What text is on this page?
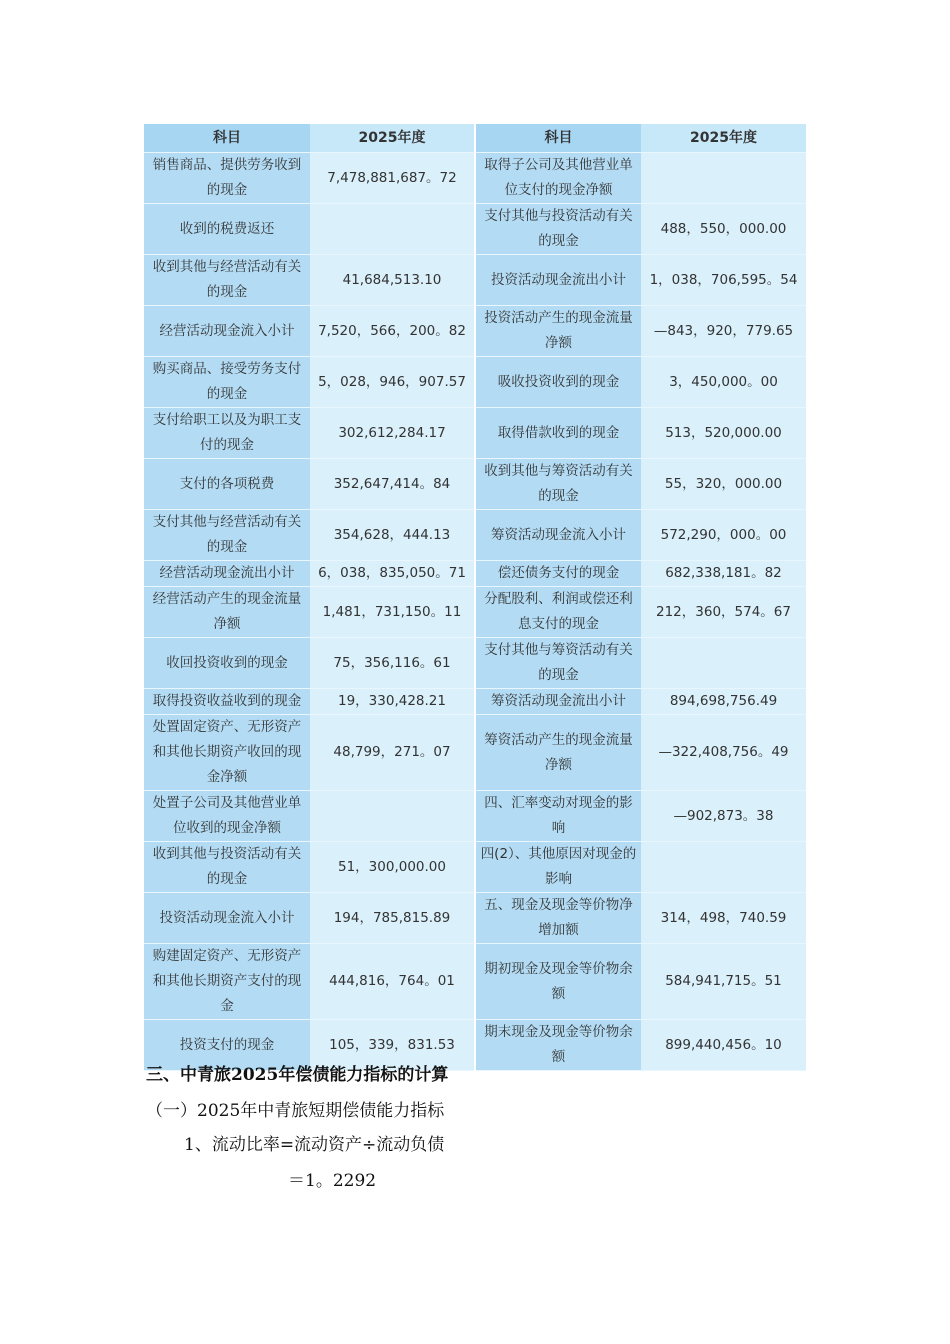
科目	2025年度	科目	2025年度
销售商品、提供劳务收到的现金	7,478,881,687。72	取得子公司及其他营业单位支付的现金净额	
收到的税费返还		支付其他与投资活动有关的现金	488，550，000.00
收到其他与经营活动有关的现金	41,684,513.10	投资活动现金流出小计	1，038，706,595。54
经营活动现金流入小计	7,520，566，200。82	投资活动产生的现金流量净额	—843，920，779.65
购买商品、接受劳务支付的现金	5，028，946，907.57	吸收投资收到的现金	3，450,000。00
支付给职工以及为职工支付的现金	302,612,284.17	取得借款收到的现金	513，520,000.00
支付的各项税费	352,647,414。84	收到其他与筹资活动有关的现金	55，320，000.00
支付其他与经营活动有关的现金	354,628，444.13	筹资活动现金流入小计	572,290，000。00
经营活动现金流出小计	6，038，835,050。71	偿还债务支付的现金	682,338,181。82
经营活动产生的现金流量净额	1,481，731,150。11	分配股利、利润或偿还利息支付的现金	212，360，574。67
收回投资收到的现金	75，356,116。61	支付其他与筹资活动有关的现金	
取得投资收益收到的现金	19，330,428.21	筹资活动现金流出小计	894,698,756.49
处置固定资产、无形资产和其他长期资产收回的现金净额	48,799，271。07	筹资活动产生的现金流量净额	—322,408,756。49
处置子公司及其他营业单位收到的现金净额		四、汇率变动对现金的影响	—902,873。38
收到其他与投资活动有关的现金	51，300,000.00	四(2）、其他原因对现金的影响	
投资活动现金流入小计	194，785,815.89	五、现金及现金等价物净增加额	314，498，740.59
购建固定资产、无形资产和其他长期资产支付的现金	444,816，764。01	期初现金及现金等价物余额	584,941,715。51
投资支付的现金	105，339，831.53	期末现金及现金等价物余额	899,440,456。10

三、中青旅2025年偿债能力指标的计算

（一）2025年中青旅短期偿债能力指标

1、流动比率=流动资产÷流动负债

＝1。2292
